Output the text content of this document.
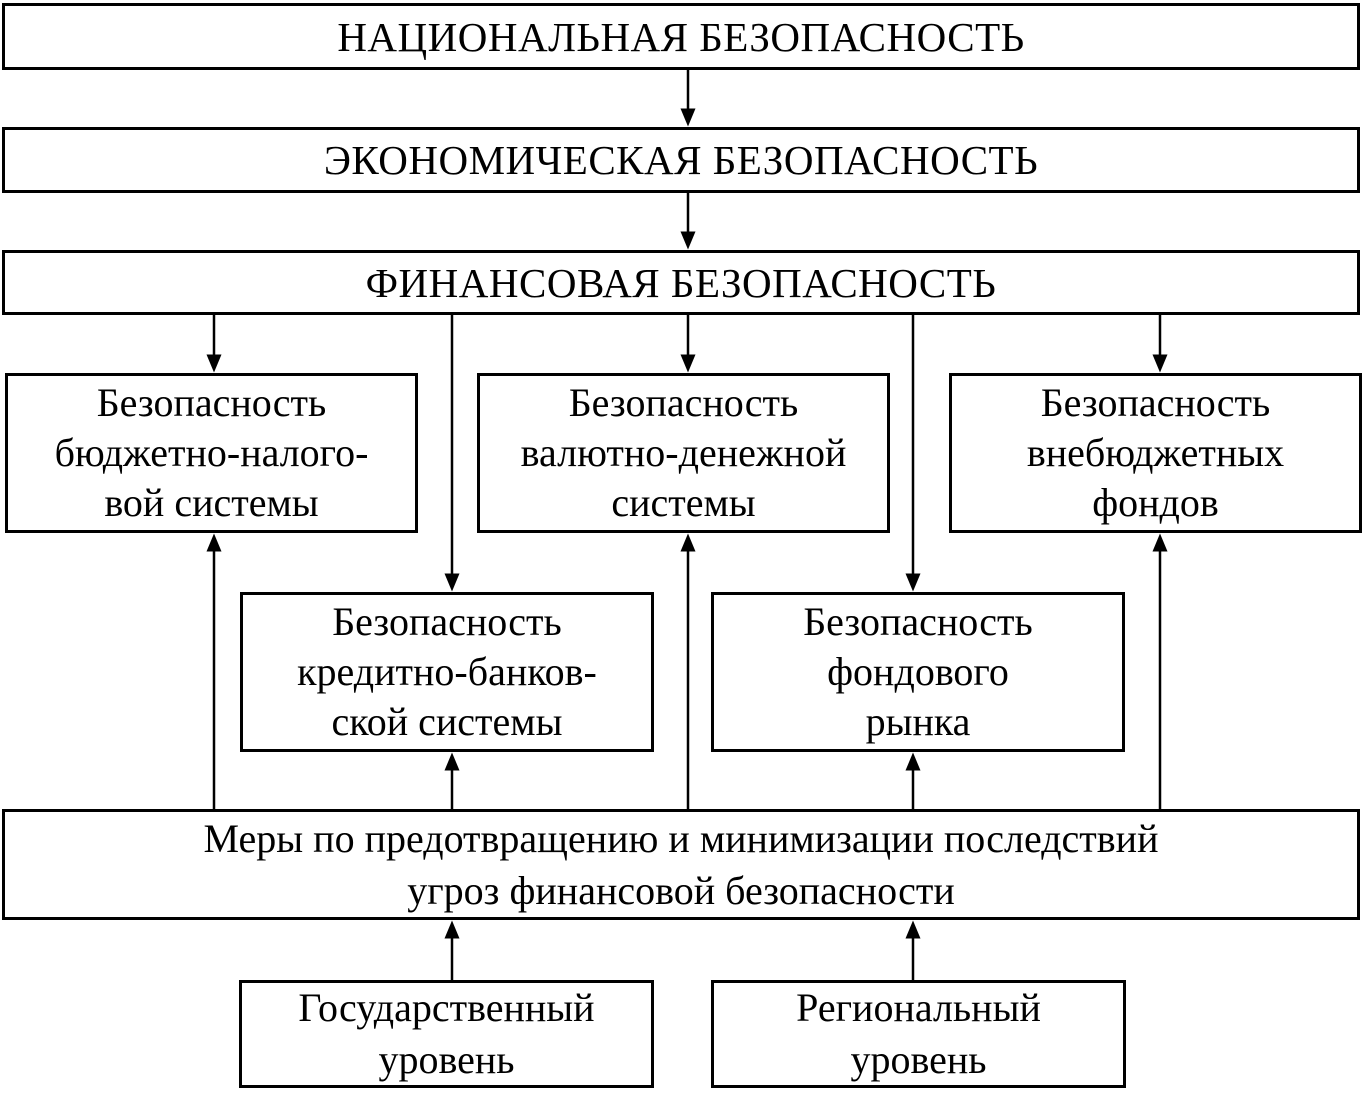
НАЦИОНАЛЬНАЯ БЕЗОПАСНОСТЬ
ЭКОНОМИЧЕСКАЯ БЕЗОПАСНОСТЬ
ФИНАНСОВАЯ БЕЗОПАСНОСТЬ
Безопасность
бюджетно-налого-
вой системы
Безопасность
валютно-денежной
системы
Безопасность
внебюджетных
фондов
Безопасность
кредитно-банков-
ской системы
Безопасность
фондового
рынка
Меры по предотвращению и минимизации последствий
угроз финансовой безопасности
Государственный
уровень
Региональный
уровень
